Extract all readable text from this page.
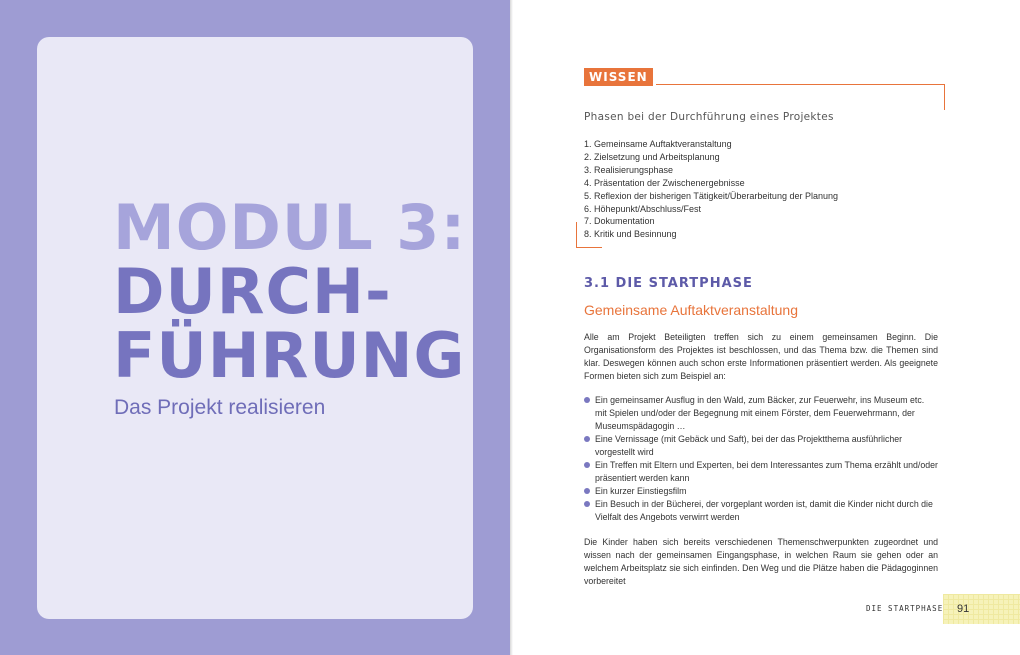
MODUL 3:
DURCH-
FÜHRUNG
Das Projekt realisieren
WISSEN
Phasen bei der Durchführung eines Projektes
1. Gemeinsame Auftaktveranstaltung
2. Zielsetzung und Arbeitsplanung
3. Realisierungsphase
4. Präsentation der Zwischenergebnisse
5. Reflexion der bisherigen Tätigkeit/Überarbeitung der Planung
6. Höhepunkt/Abschluss/Fest
7. Dokumentation
8. Kritik und Besinnung
3.1 DIE STARTPHASE
Gemeinsame Auftaktveranstaltung

Alle am Projekt Beteiligten treffen sich zu einem gemeinsamen Beginn. Die Organisationsform des Projektes ist beschlossen, und das Thema bzw. die Themen sind klar. Deswegen können auch schon erste Informationen präsentiert werden. Als geeignete Formen bieten sich zum Beispiel an:

Ein gemeinsamer Ausflug in den Wald, zum Bäcker, zur Feuerwehr, ins Museum etc. mit Spielen und/oder der Begegnung mit einem Förster, dem Feuerwehrmann, der Museumspädagogin …
Eine Vernissage (mit Gebäck und Saft), bei der das Projektthema ausführlicher vorgestellt wird
Ein Treffen mit Eltern und Experten, bei dem Interessantes zum Thema erzählt und/oder präsentiert werden kann
Ein kurzer Einstiegsfilm
Ein Besuch in der Bücherei, der vorgeplant worden ist, damit die Kinder nicht durch die Vielfalt des Angebots verwirrt werden

Die Kinder haben sich bereits verschiedenen Themenschwerpunkten zugeordnet und wissen nach der gemeinsamen Eingangsphase, in welchen Raum sie gehen oder an welchem Arbeitsplatz sie sich einfinden. Den Weg und die Plätze haben die Pädagoginnen vorbereitet

DIE STARTPHASE 91
